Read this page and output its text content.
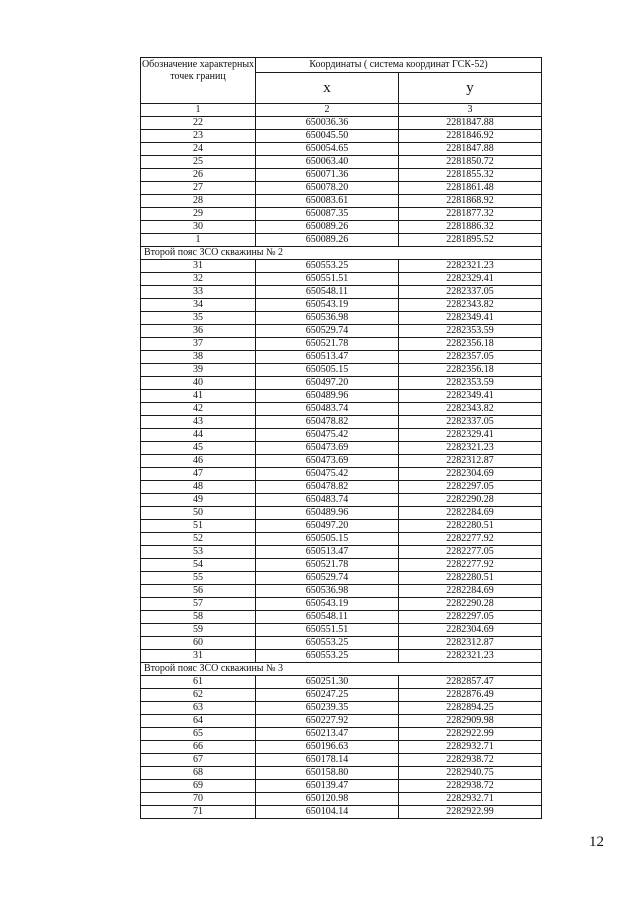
Обозначение характерных точек границ	Координаты ( система координат ГСК-52)	
	x	у
1	2	3
22	650036.36	2281847.88
23	650045.50	2281846.92
24	650054.65	2281847.88
25	650063.40	2281850.72
26	650071.36	2281855.32
27	650078.20	2281861.48
28	650083.61	2281868.92
29	650087.35	2281877.32
30	650089.26	2281886.32
1	650089.26	2281895.52
Второй пояс ЗСО скважины № 2		
31	650553.25	2282321.23
32	650551.51	2282329.41
33	650548.11	2282337.05
34	650543.19	2282343.82
35	650536.98	2282349.41
36	650529.74	2282353.59
37	650521.78	2282356.18
38	650513.47	2282357.05
39	650505.15	2282356.18
40	650497.20	2282353.59
41	650489.96	2282349.41
42	650483.74	2282343.82
43	650478.82	2282337.05
44	650475.42	2282329.41
45	650473.69	2282321.23
46	650473.69	2282312.87
47	650475.42	2282304.69
48	650478.82	2282297.05
49	650483.74	2282290.28
50	650489.96	2282284.69
51	650497.20	2282280.51
52	650505.15	2282277.92
53	650513.47	2282277.05
54	650521.78	2282277.92
55	650529.74	2282280.51
56	650536.98	2282284.69
57	650543.19	2282290.28
58	650548.11	2282297.05
59	650551.51	2282304.69
60	650553.25	2282312.87
31	650553.25	2282321.23
Второй пояс ЗСО скважины № 3		
61	650251.30	2282857.47
62	650247.25	2282876.49
63	650239.35	2282894.25
64	650227.92	2282909.98
65	650213.47	2282922.99
66	650196.63	2282932.71
67	650178.14	2282938.72
68	650158.80	2282940.75
69	650139.47	2282938.72
70	650120.98	2282932.71
71	650104.14	2282922.99
12
